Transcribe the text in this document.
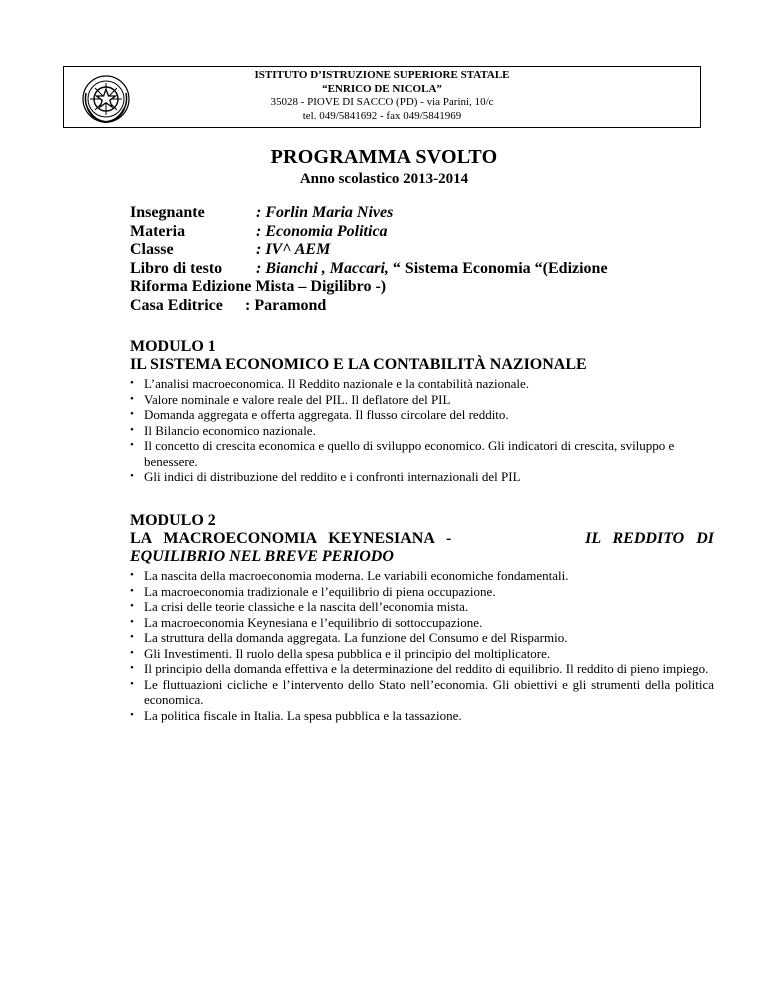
ISTITUTO D’ISTRUZIONE SUPERIORE STATALE
“ENRICO DE NICOLA”
35028 - PIOVE DI SACCO (PD) - via Parini, 10/c
tel. 049/5841692 - fax 049/5841969
PROGRAMMA SVOLTO
Anno scolastico 2013-2014
Insegnante	: Forlin Maria Nives
Materia	: Economia Politica
Classe	: IV^ AEM
Libro di testo : Bianchi , Maccari, “ Sistema Economia “(Edizione
Riforma Edizione Mista – Digilibro -)
Casa Editrice : Paramond
MODULO 1
IL SISTEMA ECONOMICO E LA CONTABILITÀ NAZIONALE
• L’analisi macroeconomica. Il Reddito nazionale e la contabilità nazionale.
• Valore nominale e valore reale del PIL. Il deflatore del PIL
• Domanda aggregata e offerta aggregata. Il flusso circolare del reddito.
• Il Bilancio economico nazionale.
• Il concetto di crescita economica e quello di sviluppo economico. Gli indicatori di crescita, sviluppo e benessere.
• Gli indici di distribuzione del reddito e i confronti internazionali del PIL
MODULO 2
LA   MACROECONOMIA   KEYNESIANA   -	IL   REDDITO   DI
EQUILIBRIO NEL BREVE PERIODO
• La nascita della macroeconomia moderna. Le variabili economiche fondamentali.
• La macroeconomia tradizionale e l’equilibrio di piena occupazione.
• La crisi delle teorie classiche e la nascita dell’economia mista.
• La macroeconomia Keynesiana e l’equilibrio di sottoccupazione.
• La struttura della domanda aggregata. La funzione del Consumo e del Risparmio.
• Gli Investimenti. Il ruolo della spesa pubblica e il principio del moltiplicatore.
• Il principio della domanda effettiva e la determinazione del reddito di equilibrio. Il reddito di pieno impiego.
• Le fluttuazioni cicliche e l’intervento dello Stato nell’economia. Gli obiettivi e gli strumenti della politica economica.
• La politica fiscale in Italia. La spesa pubblica e la tassazione.
